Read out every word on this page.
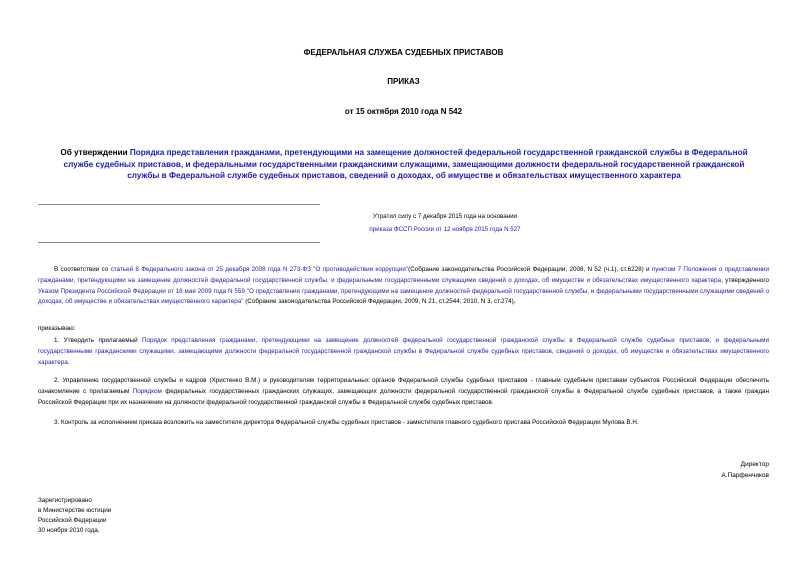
ФЕДЕРАЛЬНАЯ СЛУЖБА СУДЕБНЫХ ПРИСТАВОВ
ПРИКАЗ
от 15 октября 2010 года N 542
Об утверждении Порядка представления гражданами, претендующими на замещение должностей федеральной государственной гражданской службы в Федеральной службе судебных приставов, и федеральными государственными гражданскими служащими, замещающими должности федеральной государственной гражданской службы в Федеральной службе судебных приставов, сведений о доходах, об имуществе и обязательствах имущественного характера
Утратил силу с 7 декабря 2015 года на основании
приказа ФССП России от 12 ноября 2015 года N 527
В соответствии со статьей 8 Федерального закона от 25 декабря 2008 года N 273-ФЗ "О противодействии коррупции"(Собрание законодательства Российской Федерации, 2008, N 52 (ч.1), ст.6228) и пунктом 7 Положения о представлении гражданами, претендующими на замещение должностей федеральной государственной службы, и федеральными государственными служащими сведений о доходах, об имуществе и обязательствах имущественного характера, утвержденного Указом Президента Российской Федерации от 18 мая 2009 года N 559 "О представлении гражданами, претендующими на замещение должностей федеральной государственной службы, и федеральными государственными служащими сведений о доходах, об имуществе и обязательствах имущественного характера" (Собрание законодательства Российской Федерации, 2009, N 21, ст.2544; 2010, N 3, ст.274),
приказываю:
1. Утвердить прилагаемый Порядок представления гражданами, претендующими на замещение должностей федеральной государственной гражданской службы в Федеральной службе судебных приставов, и федеральными государственными гражданскими служащими, замещающими должности федеральной государственной гражданской службы в Федеральной службе судебных приставов, сведений о доходах, об имуществе и обязательствах имущественного характера.
2. Управлению государственной службы и кадров (Христенко В.М.) и руководителям территориальных органов Федеральной службы судебных приставов - главным судебным приставам субъектов Российской Федерации обеспечить ознакомление с прилагаемым Порядком федеральных государственных гражданских служащих, замещающих должности федеральной государственной гражданской службы в Федеральной службе судебных приставов, а также граждан Российской Федерации при их назначении на должности федеральной государственной гражданской службы в Федеральной службе судебных приставов.
3. Контроль за исполнением приказа возложить на заместителя директора Федеральной службы судебных приставов - заместителя главного судебного пристава Российской Федерации Мулова В.Н.
Директор
А.Парфенчиков
Зарегистрировано
в Министерстве юстиции
Российской Федерации
30 ноября 2010 года,
